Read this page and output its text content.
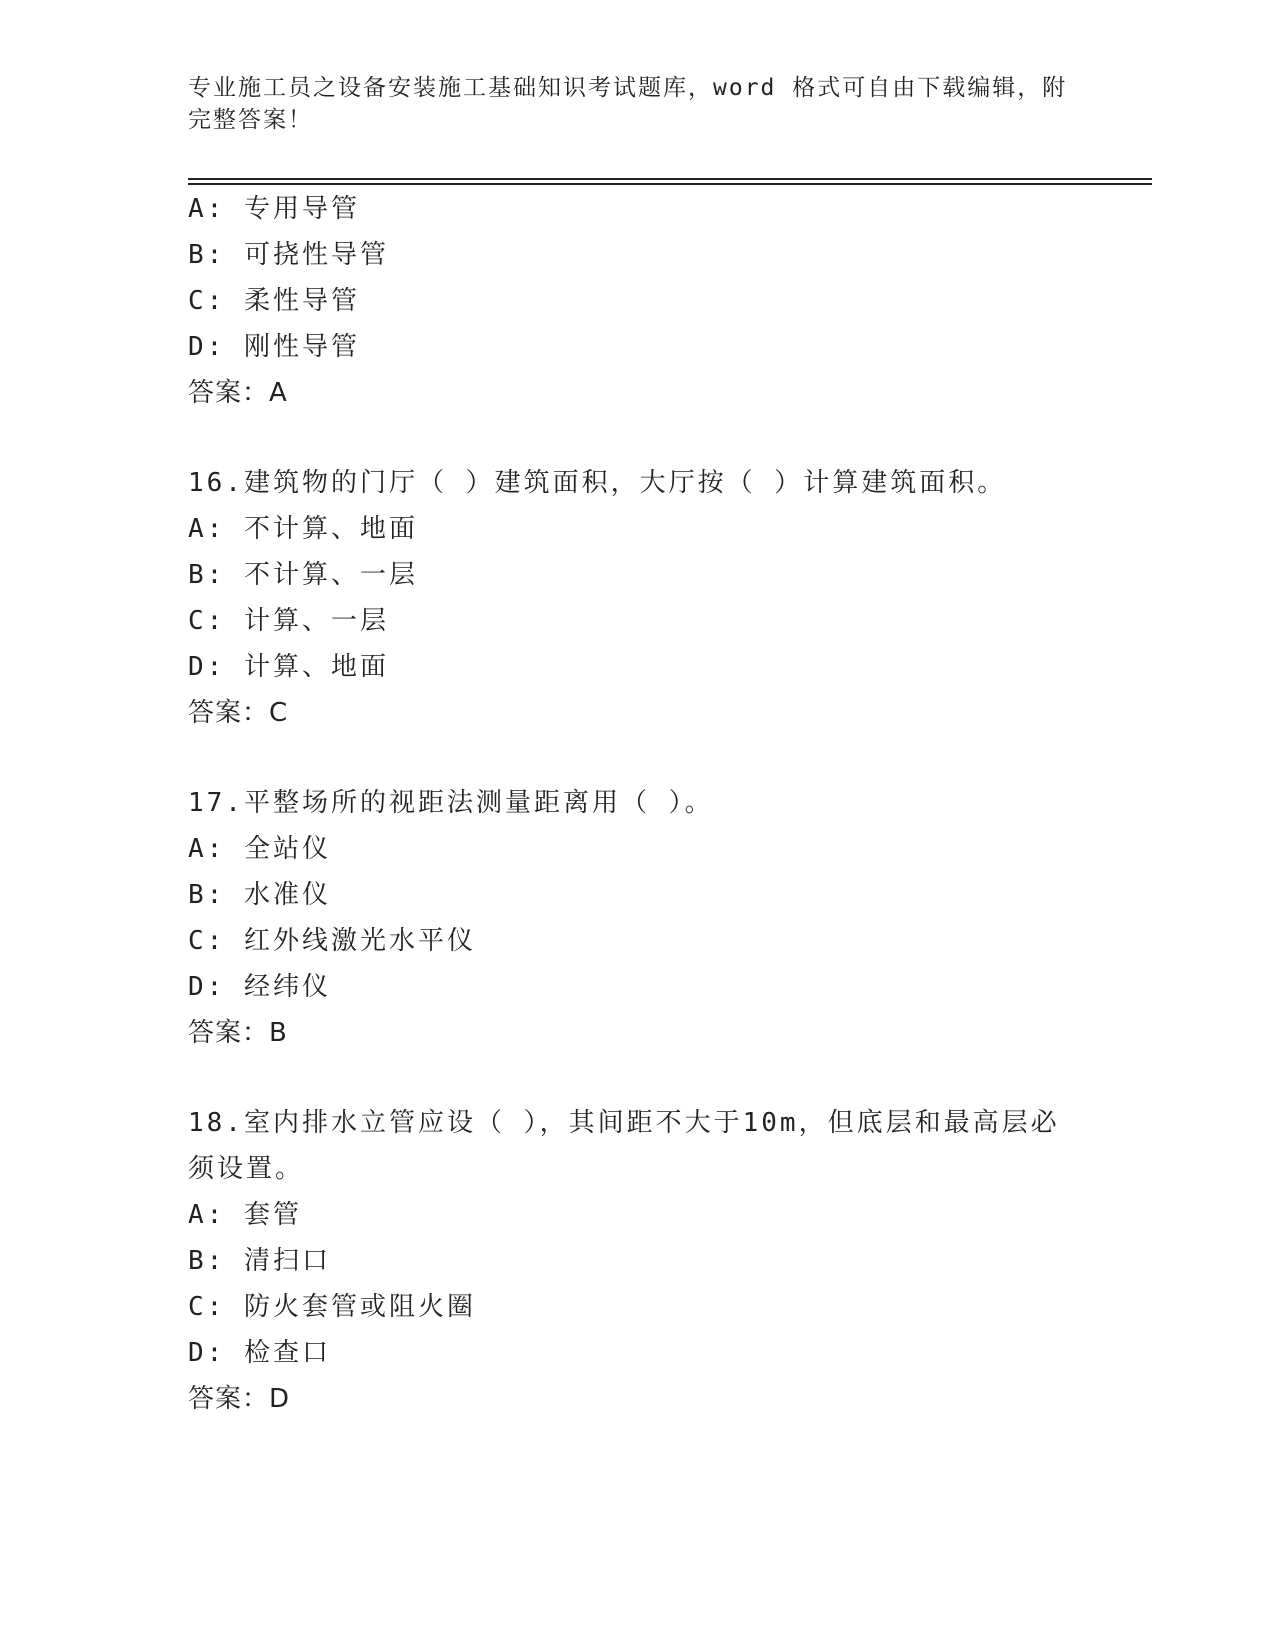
专业施工员之设备安装施工基础知识考试题库，word 格式可自由下载编辑，附完整答案！
A: 专用导管
B: 可挠性导管
C: 柔性导管
D: 刚性导管
答案：A
16.建筑物的门厅（ ）建筑面积，大厅按（ ）计算建筑面积。
A: 不计算、地面
B: 不计算、一层
C: 计算、一层
D: 计算、地面
答案：C
17.平整场所的视距法测量距离用（ ）。
A: 全站仪
B: 水准仪
C: 红外线激光水平仪
D: 经纬仪
答案：B
18.室内排水立管应设（ ），其间距不大于10m，但底层和最高层必须设置。
A: 套管
B: 清扫口
C: 防火套管或阻火圈
D: 检查口
答案：D
